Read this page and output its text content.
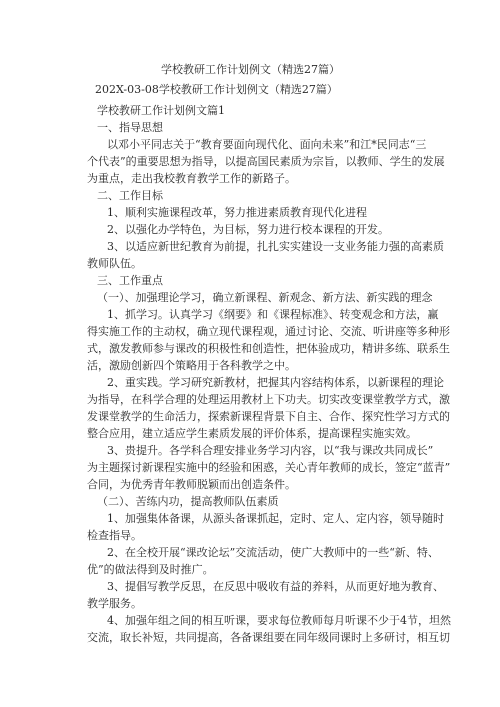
学校教研工作计划例文（精选27篇）
202X-03-08学校教研工作计划例文（精选27篇）

学校教研工作计划例文篇1

一、指导思想

以邓小平同志关于“教育要面向现代化、面向未来”和江*民同志“三

个代表”的重要思想为指导，以提高国民素质为宗旨，以教师、学生的发展

为重点，走出我校教育教学工作的新路子。

二、工作目标

1、顺利实施课程改革，努力推进素质教育现代化进程

2、以强化办学特色，为目标，努力进行校本课程的开发。

3、以适应新世纪教育为前提，扎扎实实建设一支业务能力强的高素质

教师队伍。

三、工作重点

（一）、加强理论学习，确立新课程、新观念、新方法、新实践的理念

1、抓学习。认真学习《纲要》和《课程标准》、转变观念和方法，赢

得实施工作的主动权，确立现代课程观，通过讨论、交流、听讲座等多种形

式，激发教师参与课改的积极性和创造性，把体验成功，精讲多练、联系生

活，激励创新四个策略用于各科教学之中。

2、重实践。学习研究新教材，把握其内容结构体系，以新课程的理论

为指导，在科学合理的处理运用教材上下功夫。切实改变课堂教学方式，激

发课堂教学的生命活力，探索新课程背景下自主、合作、探究性学习方式的

整合应用，建立适应学生素质发展的评价体系，提高课程实施实效。

3、贵提升。各学科合理安排业务学习内容，以“我与课改共同成长”

为主题探讨新课程实施中的经验和困惑，关心青年教师的成长，签定“蓝青”

合同，为优秀青年教师脱颖而出创造条件。

（二）、苦练内功，提高教师队伍素质

1、加强集体备课，从源头备课抓起，定时、定人、定内容，领导随时

检查指导。

2、在全校开展“课改论坛”交流活动，使广大教师中的一些“新、特、

优”的做法得到及时推广。

3、提倡写教学反思，在反思中吸收有益的养料，从而更好地为教育、

教学服务。

4、加强年组之间的相互听课，要求每位教师每月听课不少于4节，坦然

交流，取长补短，共同提高，各备课组要在同年级同课时上多研讨，相互切
